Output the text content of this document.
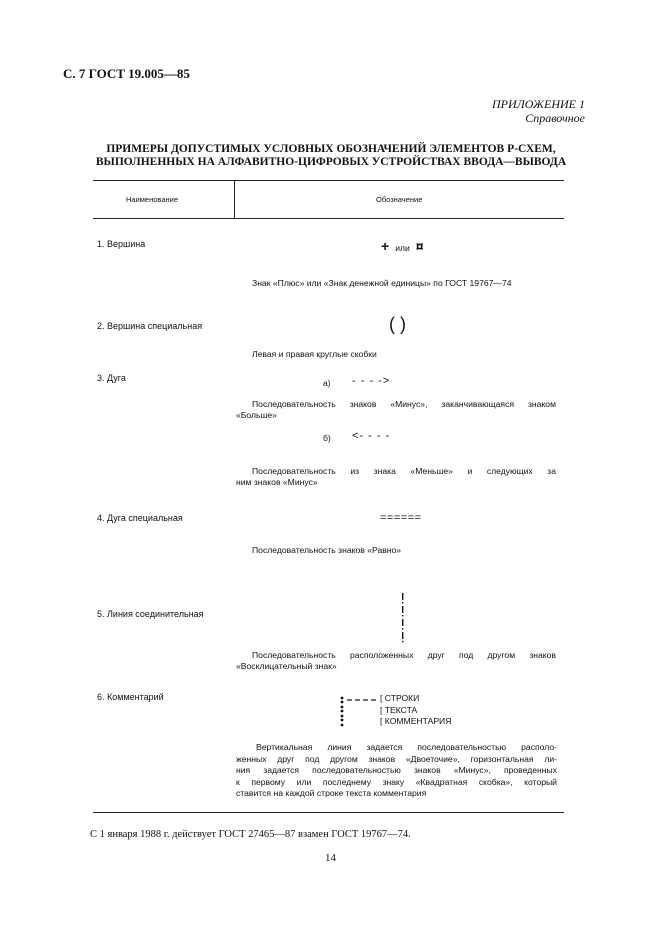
С. 7 ГОСТ 19.005—85
ПРИЛОЖЕНИЕ 1
Справочное
ПРИМЕРЫ ДОПУСТИМЫХ УСЛОВНЫХ ОБОЗНАЧЕНИЙ ЭЛЕМЕНТОВ Р-СХЕМ,
ВЫПОЛНЕННЫХ НА АЛФАВИТНО-ЦИФРОВЫХ УСТРОЙСТВАХ ВВОДА—ВЫВОДА
Наименование	Обозначение
1. Вершина	+ или ¤
Знак «Плюс» или «Знак денежной единицы» по ГОСТ 19767—74
2. Вершина специальная	( )
Левая и правая круглые скобки
3. Дуга	а) - - - ->
Последовательность знаков «Минус», заканчивающаяся знаком
«Больше»
б) <- - - -
Последовательность из знака «Меньше» и следующих за
ним знаков «Минус»
4. Дуга специальная	======
Последовательность знаков «Равно»
5. Линия соединительная
Последовательность расположенных друг под другом знаков
«Восклицательный знак»
6. Комментарий	[ СТРОКИ
[ ТЕКСТА
[ КОММЕНТАРИЯ
Вертикальная линия задается последовательностью располо-
женных друг под другом знаков «Двоеточие», горизонтальная ли-
ния задается последовательностью знаков «Минус», проведенных
к первому или последнему знаку «Квадратная скобка», который
ставится на каждой строке текста комментария
С 1 января 1988 г. действует ГОСТ 27465—87 взамен ГОСТ 19767—74.
14
